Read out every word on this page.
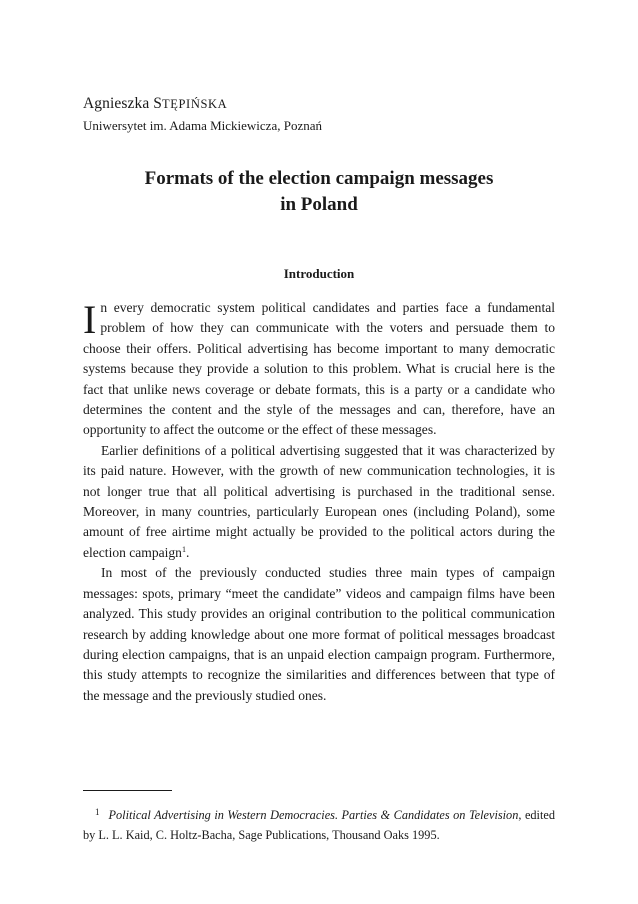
Agnieszka STĘPIŃSKA
Uniwersytet im. Adama Mickiewicza, Poznań
Formats of the election campaign messages
in Poland
Introduction

In every democratic system political candidates and parties face a fundamental problem of how they can communicate with the voters and persuade them to choose their offers. Political advertising has become important to many democratic systems because they provide a solution to this problem. What is crucial here is the fact that unlike news coverage or debate formats, this is a party or a candidate who determines the content and the style of the messages and can, therefore, have an opportunity to affect the outcome or the effect of these messages.

Earlier definitions of a political advertising suggested that it was characterized by its paid nature. However, with the growth of new communication technologies, it is not longer true that all political advertising is purchased in the traditional sense. Moreover, in many countries, particularly European ones (including Poland), some amount of free airtime might actually be provided to the political actors during the election campaign$^1$.

In most of the previously conducted studies three main types of campaign messages: spots, primary “meet the candidate” videos and campaign films have been analyzed. This study provides an original contribution to the political communication research by adding knowledge about one more format of political messages broadcast during election campaigns, that is an unpaid election campaign program. Furthermore, this study attempts to recognize the similarities and differences between that type of the message and the previously studied ones.

$^1$ Political Advertising in Western Democracies. Parties & Candidates on Television, edited by L. L. Kaid, C. Holtz-Bacha, Sage Publications, Thousand Oaks 1995.
